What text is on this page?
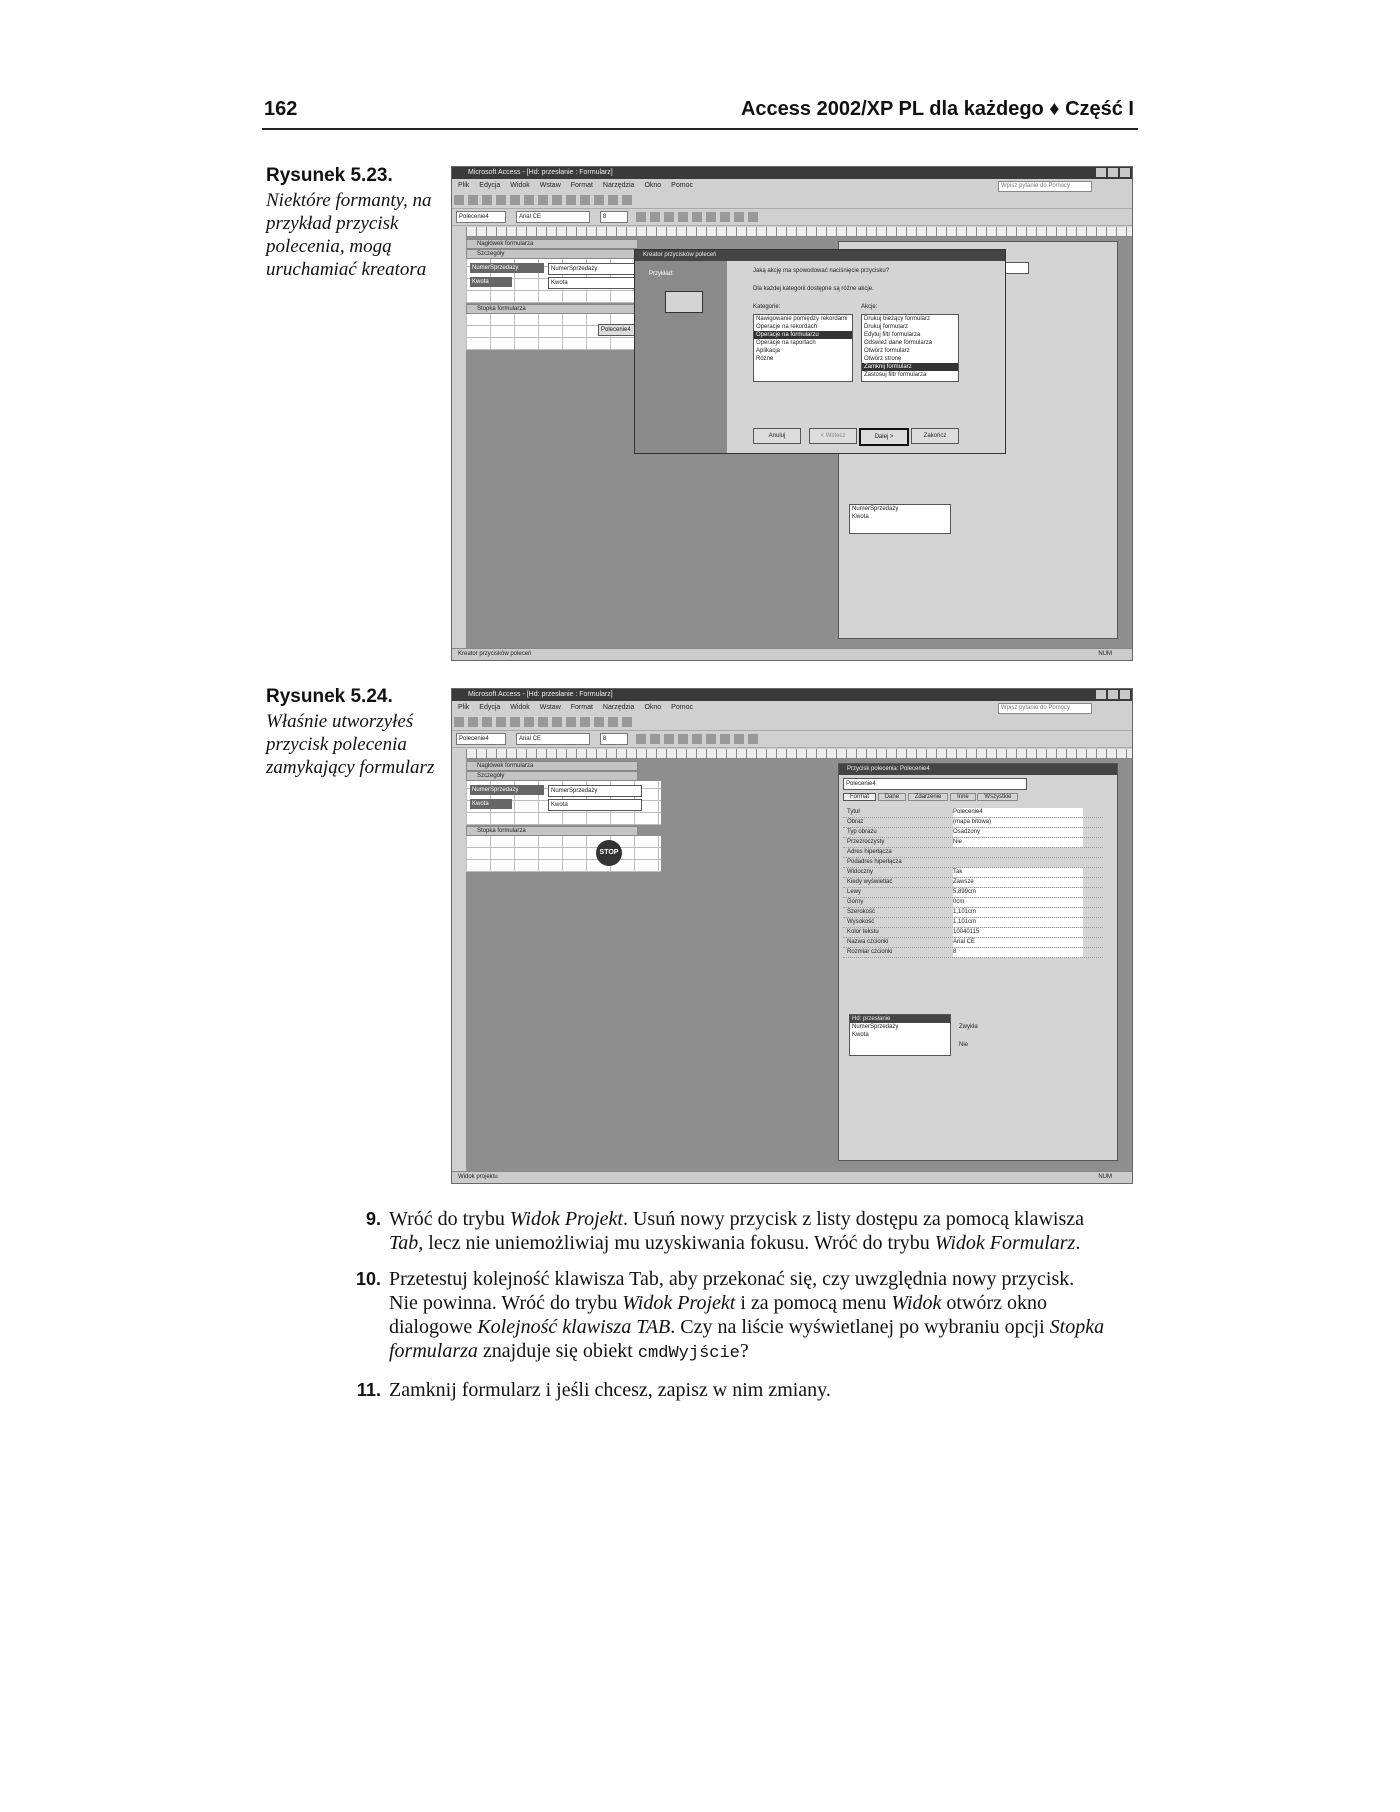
162	Access 2002/XP PL dla każdego ♦ Część I
Rysunek 5.23.
Niektóre formanty, na przykład przycisk polecenia, mogą uruchamiać kreatora
Microsoft Access - [Hd: przesłanie : Formularz]
Plik Edycja Widok Wstaw Format Narzędzia Okno Pomoc	Wpisz pytanie do Pomocy
Polecenie4	Arial CE	8
Nagłówek formularza
Szczegóły
NumerSprzedaży	NumerSprzedaży
Kwota	Kwota
Stopka formularza
Polecenie4
NumerSprzedaży
Kwota
Kreator przycisków poleceń
Przykład:	Jaką akcję ma spowodować naciśnięcie przycisku?
Dla każdej kategorii dostępne są różne akcje.
Kategorie:	Akcje:
Nawigowanie pomiędzy rekordami
Operacje na rekordach
Operacje na formularzu
Operacje na raportach
Aplikacja
Różne
Drukuj bieżący formularz
Drukuj formularz
Edytuj filtr formularza
Odśwież dane formularza
Otwórz formularz
Otwórz stronę
Zamknij formularz
Zastosuj filtr formularza
Anuluj	< Wstecz	Dalej >	Zakończ
Kreator przycisków poleceń	NUM
Rysunek 5.24.
Właśnie utworzyłeś przycisk polecenia zamykający formularz
Microsoft Access - [Hd: przesłanie : Formularz]
Plik Edycja Widok Wstaw Format Narzędzia Okno Pomoc	Wpisz pytanie do Pomocy
Polecenie4	Arial CE	8
Nagłówek formularza
Szczegóły
NumerSprzedaży	NumerSprzedaży
Kwota	Kwota
Stopka formularza
STOP
Przycisk polecenia: Polecenie4
Polecenie4
Format	Dane	Zdarzenie	Inne	Wszystkie
Tytuł	Polecenie4
Obraz	(mapa bitowa)
Typ obrazu	Osadzony
Przezroczysty	Nie
Adres hiperłącza
Podadres hiperłącza
Widoczny	Tak
Kiedy wyświetlać	Zawsze
Lewy	5,899cm
Górny	0cm
Szerokość	1,101cm
Wysokość	1,101cm
Kolor tekstu	10040115
Nazwa czcionki	Arial CE
Rozmiar czcionki	8
Hd: przesłanie
NumerSprzedaży
Kwota
Zwykła
Nie
Widok projektu	NUM
9. Wróć do trybu Widok Projekt. Usuń nowy przycisk z listy dostępu za pomocą klawisza Tab, lecz nie uniemożliwiaj mu uzyskiwania fokusu. Wróć do trybu Widok Formularz.
10. Przetestuj kolejność klawisza Tab, aby przekonać się, czy uwzględnia nowy przycisk. Nie powinna. Wróć do trybu Widok Projekt i za pomocą menu Widok otwórz okno dialogowe Kolejność klawisza TAB. Czy na liście wyświetlanej po wybraniu opcji Stopka formularza znajduje się obiekt cmdWyjście?
11. Zamknij formularz i jeśli chcesz, zapisz w nim zmiany.
